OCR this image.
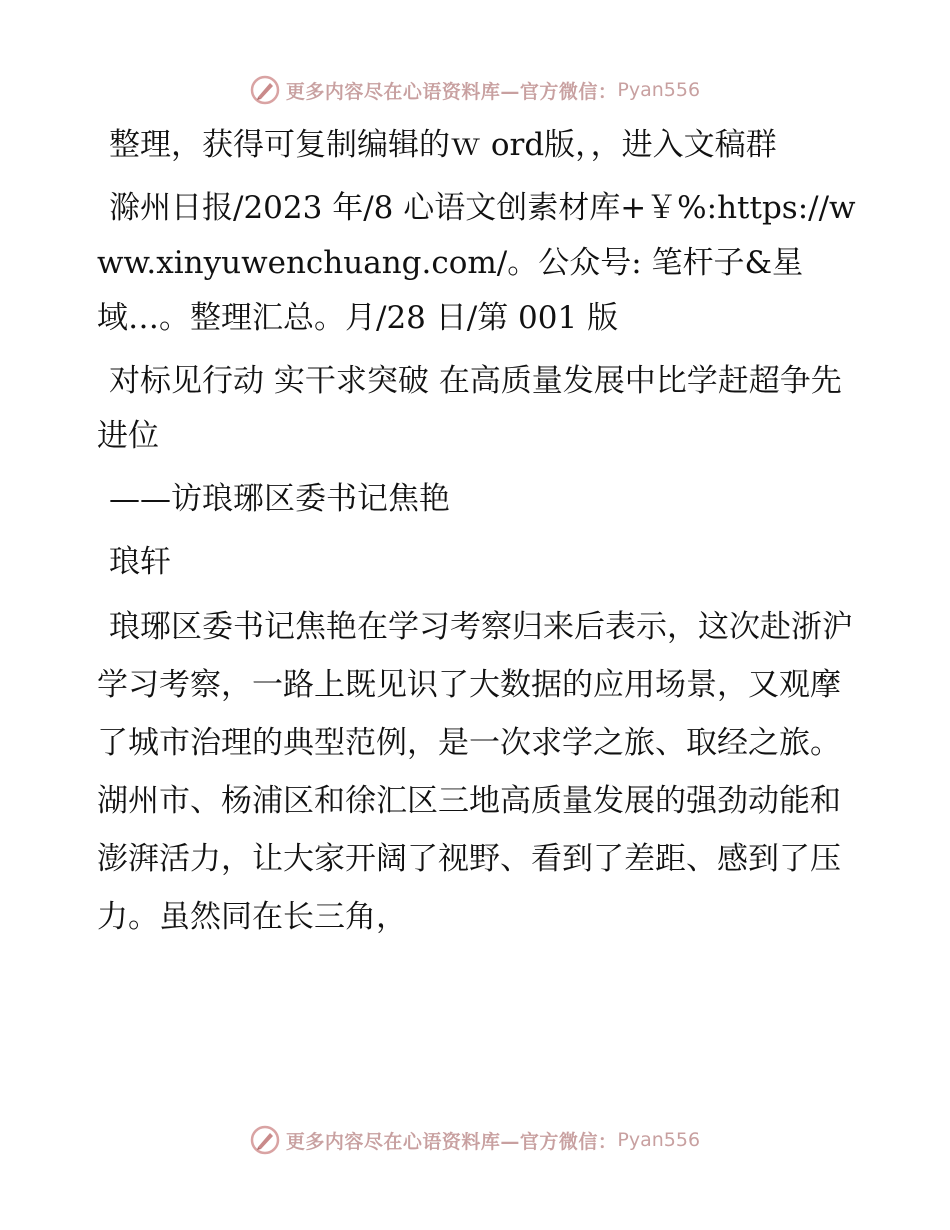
更多内容尽在心语资料库—官方微信： Pyan556

整理，获得可复制编辑的ｗ ord版，，进入文稿群

滁州日报/2023 年/8 心语文创素材库+￥%:https://www.xinyuwenchuang.com/。公众号: 笔杆子&星域…。整理汇总。月/28 日/第 001 版

对标见行动 实干求突破 在高质量发展中比学赶超争先进位

——访琅琊区委书记焦艳

琅轩

琅琊区委书记焦艳在学习考察归来后表示，这次赴浙沪学习考察，一路上既见识了大数据的应用场景，又观摩了城市治理的典型范例，是一次求学之旅、取经之旅。湖州市、杨浦区和徐汇区三地高质量发展的强劲动能和澎湃活力，让大家开阔了视野、看到了差距、感到了压力。虽然同在长三角，

更多内容尽在心语资料库—官方微信： Pyan556
